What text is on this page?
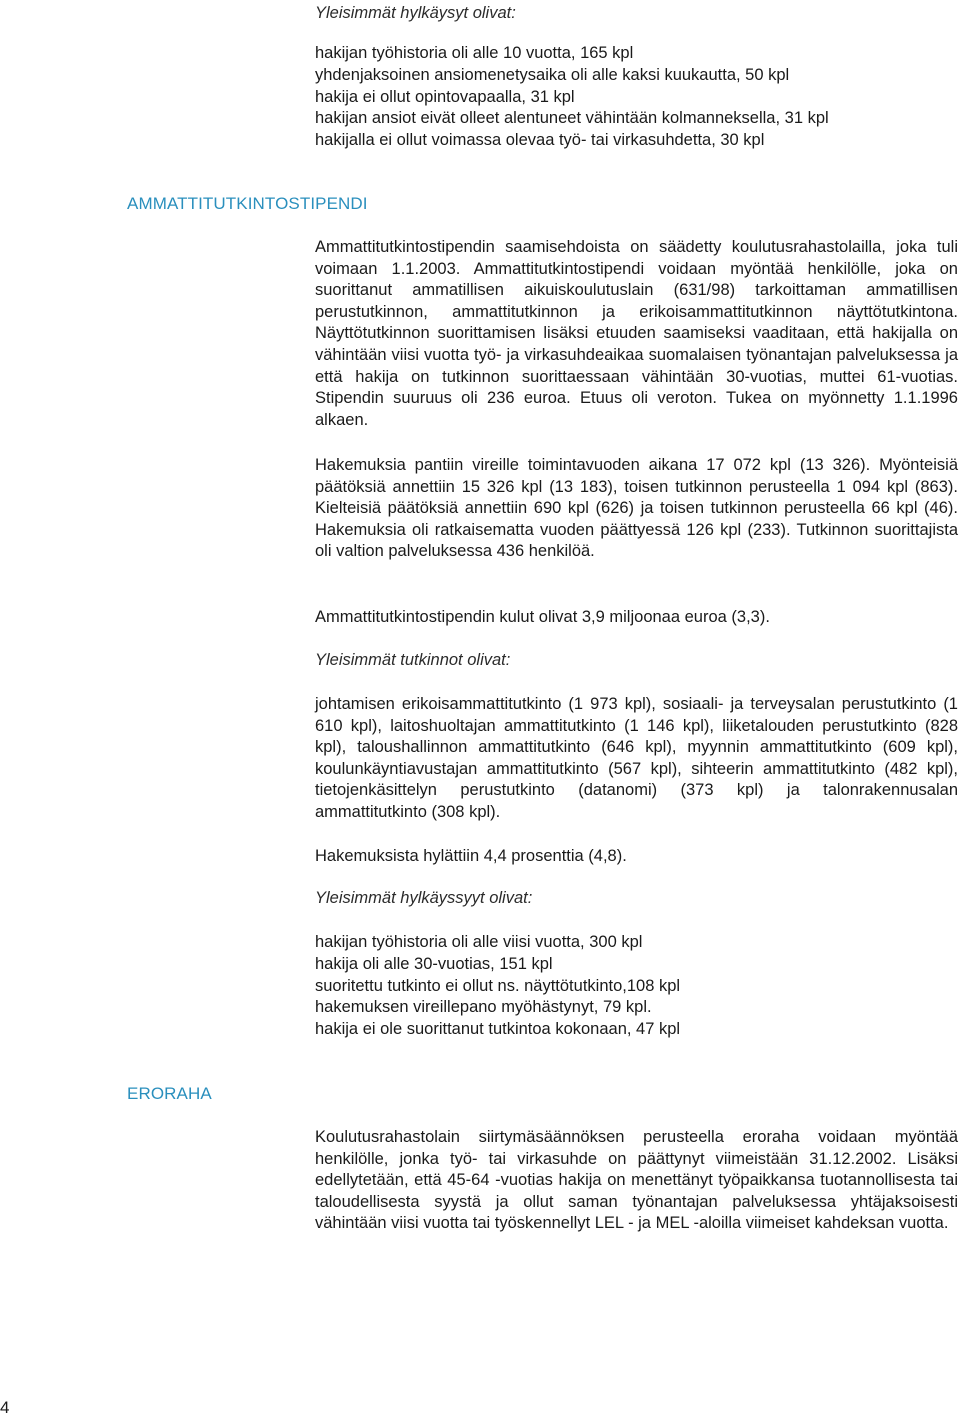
Yleisimmät hylkäysyt olivat:

hakijan työhistoria oli alle 10 vuotta, 165 kpl
yhdenjaksoinen ansiomenetysaika oli alle kaksi kuukautta, 50 kpl
hakija ei ollut opintovapaalla, 31 kpl
hakijan ansiot eivät olleet alentuneet vähintään kolmanneksella, 31 kpl
hakijalla ei ollut voimassa olevaa työ- tai virkasuhdetta, 30 kpl
AMMATTITUTKINTOSTIPENDI

Ammattitutkintostipendin saamisehdoista on säädetty koulutusrahastolailla, joka tuli voimaan 1.1.2003. Ammattitutkintostipendi voidaan myöntää henkilölle, joka on suorittanut ammatillisen aikuiskoulutuslain (631/98) tarkoittaman ammatillisen perustutkinnon, ammattitutkinnon ja erikoisammattitutkinnon näyttötutkintona. Näyttötutkinnon suorittamisen lisäksi etuuden saamiseksi vaaditaan, että hakijalla on vähintään viisi vuotta työ- ja virkasuhdeaikaa suomalaisen työnantajan palveluksessa ja että hakija on tutkinnon suorittaessaan vähintään 30-vuotias, muttei 61-vuotias. Stipendin suuruus oli 236 euroa. Etuus oli veroton. Tukea on myönnetty 1.1.1996 alkaen.

Hakemuksia pantiin vireille toimintavuoden aikana 17 072 kpl (13 326). Myönteisiä päätöksiä annettiin 15 326 kpl (13 183), toisen tutkinnon perusteella 1 094 kpl (863). Kielteisiä päätöksiä annettiin 690 kpl (626) ja toisen tutkinnon perusteella 66 kpl (46). Hakemuksia oli ratkaisematta vuoden päättyessä 126 kpl (233). Tutkinnon suorittajista oli valtion palveluksessa 436 henkilöä.

Ammattitutkintostipendin kulut olivat 3,9 miljoonaa euroa (3,3).

Yleisimmät tutkinnot olivat:

johtamisen erikoisammattitutkinto (1 973 kpl), sosiaali- ja terveysalan perustutkinto (1 610 kpl), laitoshuoltajan ammattitutkinto (1 146 kpl), liiketalouden perustutkinto (828 kpl), taloushallinnon ammattitutkinto (646 kpl), myynnin ammattitutkinto (609 kpl), koulunkäyntiavustajan ammattitutkinto (567 kpl), sihteerin ammattitutkinto (482 kpl), tietojenkäsittelyn perustutkinto (datanomi) (373 kpl) ja talonrakennusalan ammattitutkinto (308 kpl).

Hakemuksista hylättiin 4,4 prosenttia (4,8).

Yleisimmät hylkäyssyyt olivat:

hakijan työhistoria oli alle viisi vuotta, 300 kpl
hakija oli alle 30-vuotias, 151 kpl
suoritettu tutkinto ei ollut ns. näyttötutkinto,108 kpl
hakemuksen vireillepano myöhästynyt, 79 kpl.
hakija ei ole suorittanut tutkintoa kokonaan, 47 kpl
ERORAHA

Koulutusrahastolain siirtymäsäännöksen perusteella eroraha voidaan myöntää henkilölle, jonka työ- tai virkasuhde on päättynyt viimeistään 31.12.2002. Lisäksi edellytetään, että 45-64 -vuotias hakija on menettänyt työpaikkansa tuotannollisesta tai taloudellisesta syystä ja ollut saman työnantajan palveluksessa yhtäjaksoisesti vähintään viisi vuotta tai työskennellyt LEL - ja MEL -aloilla viimeiset kahdeksan vuotta.

4
